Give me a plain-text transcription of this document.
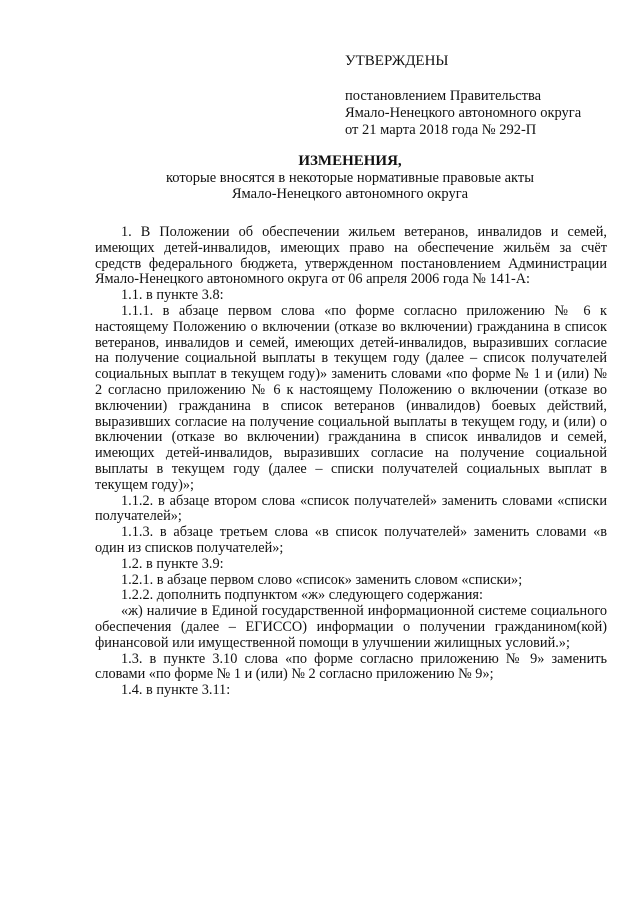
УТВЕРЖДЕНЫ
постановлением Правительства
Ямало-Ненецкого автономного округа
от 21 марта 2018 года № 292-П
ИЗМЕНЕНИЯ,
которые вносятся в некоторые нормативные правовые акты
Ямало-Ненецкого автономного округа

1. В Положении об обеспечении жильем ветеранов, инвалидов и семей, имеющих детей-инвалидов, имеющих право на обеспечение жильём за счёт средств федерального бюджета, утвержденном постановлением Администрации Ямало-Ненецкого автономного округа от 06 апреля 2006 года № 141-А:

1.1. в пункте 3.8:

1.1.1. в абзаце первом слова «по форме согласно приложению № 6 к настоящему Положению о включении (отказе во включении) гражданина в список ветеранов, инвалидов и семей, имеющих детей-инвалидов, выразивших согласие на получение социальной выплаты в текущем году (далее – список получателей социальных выплат в текущем году)» заменить словами «по форме № 1 и (или) № 2 согласно приложению № 6 к настоящему Положению о включении (отказе во включении) гражданина в список ветеранов (инвалидов) боевых действий, выразивших согласие на получение социальной выплаты в текущем году, и (или) о включении (отказе во включении) гражданина в список инвалидов и семей, имеющих детей-инвалидов, выразивших согласие на получение социальной выплаты в текущем году (далее – списки получателей социальных выплат в текущем году)»;

1.1.2. в абзаце втором слова «список получателей» заменить словами «списки получателей»;

1.1.3. в абзаце третьем слова «в список получателей» заменить словами «в один из списков получателей»;

1.2. в пункте 3.9:

1.2.1. в абзаце первом слово «список» заменить словом «списки»;

1.2.2. дополнить подпунктом «ж» следующего содержания:

«ж) наличие в Единой государственной информационной системе социального обеспечения (далее – ЕГИССО) информации о получении гражданином(кой) финансовой или имущественной помощи в улучшении жилищных условий.»;

1.3. в пункте 3.10 слова «по форме согласно приложению № 9» заменить словами «по форме № 1 и (или) № 2 согласно приложению № 9»;

1.4. в пункте 3.11:
